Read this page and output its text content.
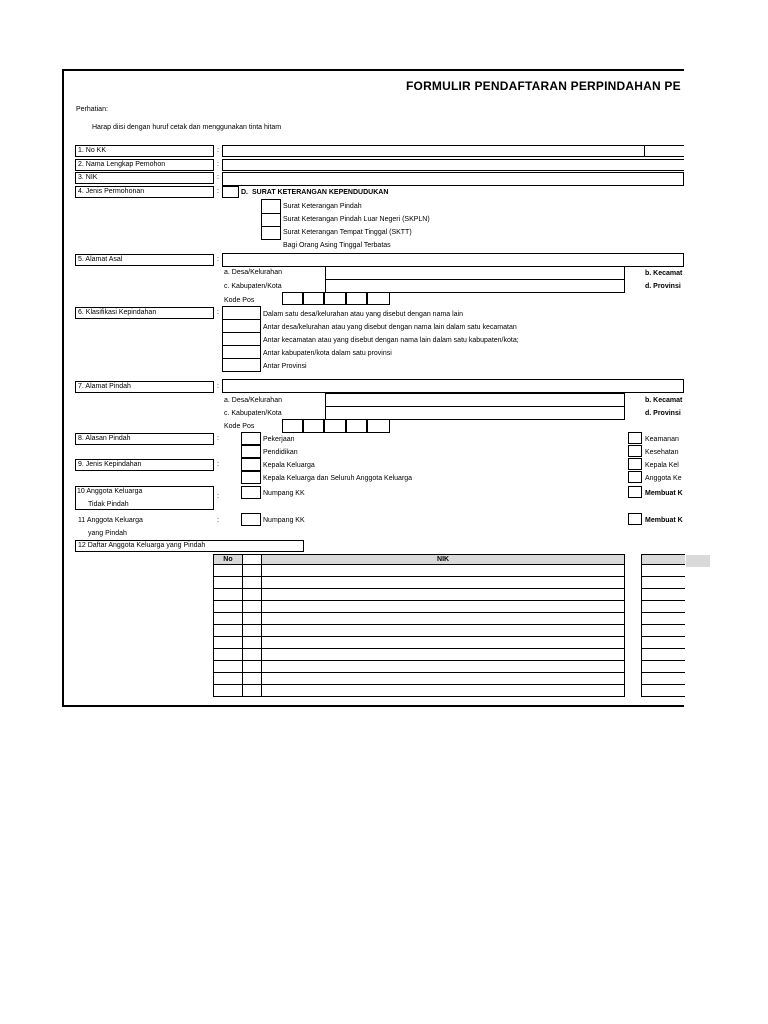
FORMULIR PENDAFTARAN PERPINDAHAN PE
Perhatian:
Harap diisi dengan huruf cetak dan menggunakan tinta hitam
1. No KK	:
2. Nama Lengkap Pemohon	:
3. NIK	:
4. Jenis Permohonan	:	D. SURAT KETERANGAN KEPENDUDUKAN
Surat Keterangan Pindah
Surat Keterangan Pindah Luar Negeri (SKPLN)
Surat Keterangan Tempat Tinggal (SKTT)
Bagi Orang Asing Tinggal Terbatas
5. Alamat Asal	:
a. Desa/Kelurahan	b. Kecamat
c. Kabupaten/Kota	d. Provinsi
Kode Pos
6. Klasifikasi Kepindahan	:	Dalam satu desa/kelurahan atau yang disebut dengan nama lain
Antar desa/kelurahan atau yang disebut dengan nama lain dalam satu kecamatan
Antar kecamatan atau yang disebut dengan nama lain dalam satu kabupaten/kota;
Antar kabupaten/kota dalam satu provinsi
Antar Provinsi
7. Alamat Pindah	:
a. Desa/Kelurahan	b. Kecamat
c. Kabupaten/Kota	d. Provinsi
Kode Pos
8. Alasan Pindah	:	Pekerjaan
Pendidikan
Keamanan
Kesehatan
9. Jenis Kepindahan	:	Kepala Keluarga
Kepala Keluarga dan Seluruh Anggota Keluarga
Kepala Kel
Anggota Ke
10 Anggota Keluarga
Tidak Pindah
:	Numpang KK	Membuat K
11 Anggota Keluarga
yang Pindah
:	Numpang KK	Membuat K
12 Daftar Anggota Keluarga yang Pindah
No		NIK		
